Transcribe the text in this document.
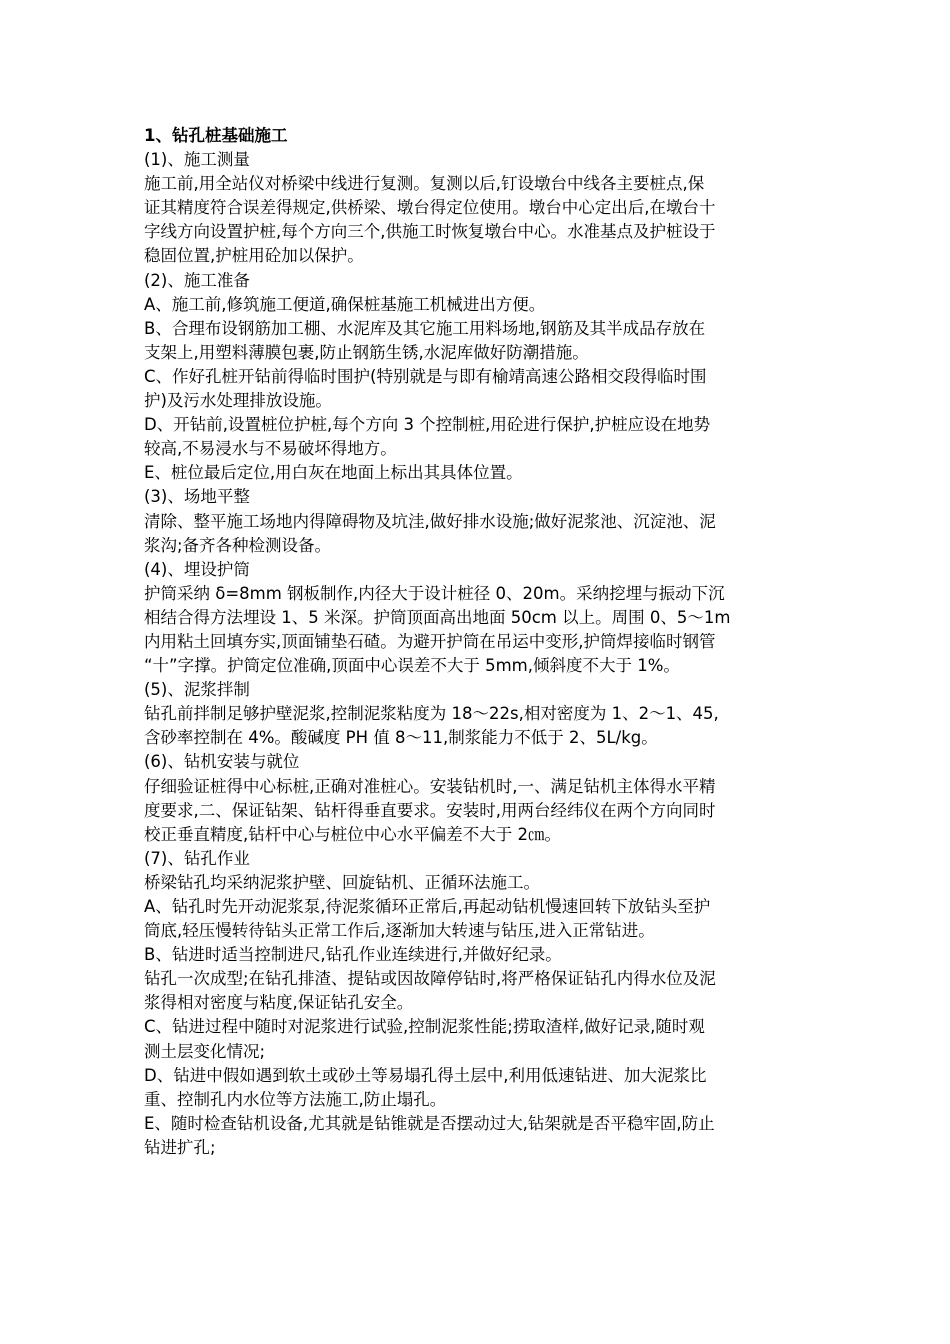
1、钻孔桩基础施工

(1)、施工测量

施工前,用全站仪对桥梁中线进行复测。复测以后,钉设墩台中线各主要桩点,保

证其精度符合误差得规定,供桥梁、墩台得定位使用。墩台中心定出后,在墩台十

字线方向设置护桩,每个方向三个,供施工时恢复墩台中心。水准基点及护桩设于

稳固位置,护桩用砼加以保护。

(2)、施工准备

A、施工前,修筑施工便道,确保桩基施工机械进出方便。

B、合理布设钢筋加工棚、水泥库及其它施工用料场地,钢筋及其半成品存放在

支架上,用塑料薄膜包裹,防止钢筋生锈,水泥库做好防潮措施。

C、作好孔桩开钻前得临时围护(特别就是与即有榆靖高速公路相交段得临时围

护)及污水处理排放设施。

D、开钻前,设置桩位护桩,每个方向 3 个控制桩,用砼进行保护,护桩应设在地势

较高,不易浸水与不易破坏得地方。

E、桩位最后定位,用白灰在地面上标出其具体位置。

(3)、场地平整

清除、整平施工场地内得障碍物及坑洼,做好排水设施;做好泥浆池、沉淀池、泥

浆沟;备齐各种检测设备。

(4)、埋设护筒

护筒采纳 δ=8mm 钢板制作,内径大于设计桩径 0、20m。采纳挖埋与振动下沉

相结合得方法埋设 1、5 米深。护筒顶面高出地面 50cm 以上。周围 0、5～1m

内用粘土回填夯实,顶面铺垫石碴。为避开护筒在吊运中变形,护筒焊接临时钢管

“十”字撑。护筒定位准确,顶面中心误差不大于 5mm,倾斜度不大于 1%。

(5)、泥浆拌制

钻孔前拌制足够护壁泥浆,控制泥浆粘度为 18～22s,相对密度为 1、2～1、45,

含砂率控制在 4%。酸碱度 PH 值 8～11,制浆能力不低于 2、5L/kg。

(6)、钻机安装与就位

仔细验证桩得中心标桩,正确对准桩心。安装钻机时,一、满足钻机主体得水平精

度要求,二、保证钻架、钻杆得垂直要求。安装时,用两台经纬仪在两个方向同时

校正垂直精度,钻杆中心与桩位中心水平偏差不大于 2㎝。

(7)、钻孔作业

桥梁钻孔均采纳泥浆护壁、回旋钻机、正循环法施工。

A、钻孔时先开动泥浆泵,待泥浆循环正常后,再起动钻机慢速回转下放钻头至护

筒底,轻压慢转待钻头正常工作后,逐渐加大转速与钻压,进入正常钻进。

B、钻进时适当控制进尺,钻孔作业连续进行,并做好纪录。

钻孔一次成型;在钻孔排渣、提钻或因故障停钻时,将严格保证钻孔内得水位及泥

浆得相对密度与粘度,保证钻孔安全。

C、钻进过程中随时对泥浆进行试验,控制泥浆性能;捞取渣样,做好记录,随时观

测土层变化情况;

D、钻进中假如遇到软土或砂土等易塌孔得土层中,利用低速钻进、加大泥浆比

重、控制孔内水位等方法施工,防止塌孔。

E、随时检查钻机设备,尤其就是钻锥就是否摆动过大,钻架就是否平稳牢固,防止

钻进扩孔;
